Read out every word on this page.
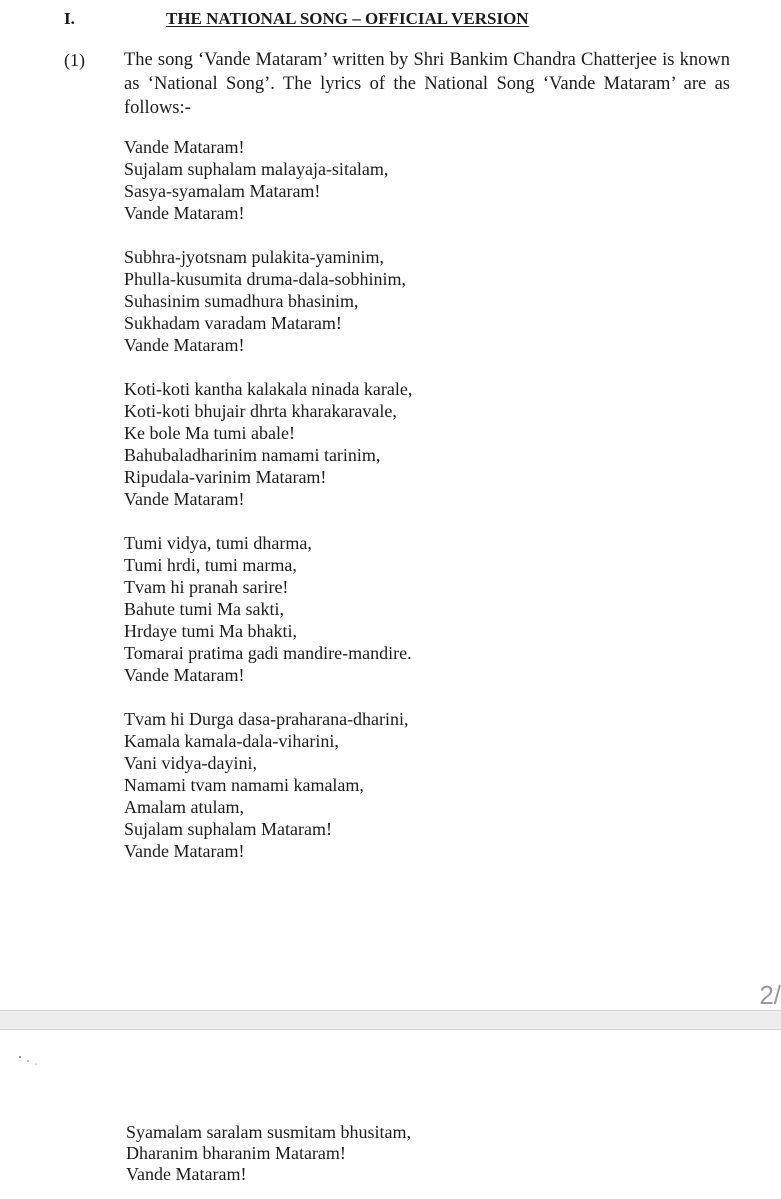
I.	THE NATIONAL SONG – OFFICIAL VERSION
(1) The song ‘Vande Mataram’ written by Shri Bankim Chandra Chatterjee is known as ‘National Song’. The lyrics of the National Song ‘Vande Mataram’ are as follows:-

Vande Mataram!
Sujalam suphalam malayaja-sitalam,
Sasya-syamalam Mataram!
Vande Mataram!
Subhra-jyotsnam pulakita-yaminim,
Phulla-kusumita druma-dala-sobhinim,
Suhasinim sumadhura bhasinim,
Sukhadam varadam Mataram!
Vande Mataram!
Koti-koti kantha kalakala ninada karale,
Koti-koti bhujair dhrta kharakaravale,
Ke bole Ma tumi abale!
Bahubaladharinim namami tarinim,
Ripudala-varinim Mataram!
Vande Mataram!
Tumi vidya, tumi dharma,
Tumi hrdi, tumi marma,
Tvam hi pranah sarire!
Bahute tumi Ma sakti,
Hrdaye tumi Ma bhakti,
Tomarai pratima gadi mandire-mandire.
Vande Mataram!
Tvam hi Durga dasa-praharana-dharini,
Kamala kamala-dala-viharini,
Vani vidya-dayini,
Namami tvam namami kamalam,
Amalam atulam,
Sujalam suphalam Mataram!
Vande Mataram!
2/
Syamalam saralam susmitam bhusitam,
Dharanim bharanim Mataram!
Vande Mataram!
